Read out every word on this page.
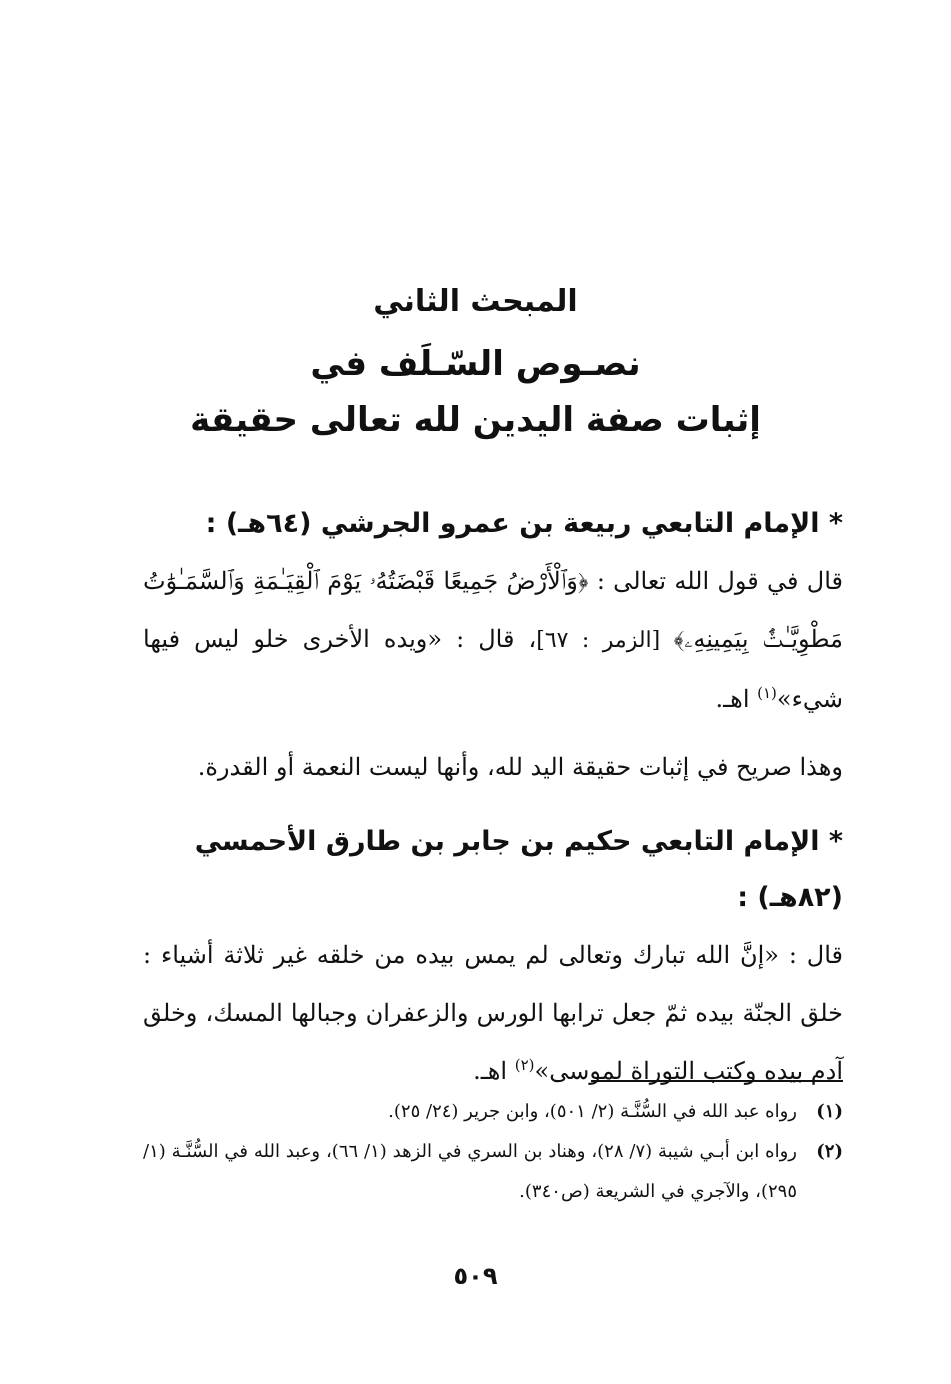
المبحث الثاني

نصـوص السّـلَف في

إثبات صفة اليدين لله تعالى حقيقة

* الإمام التابعي ربيعة بن عمرو الجرشي (٦٤هـ) :

قال في قول الله تعالى : ﴿وَٱلْأَرْضُ جَمِيعًا قَبْضَتُهُۥ يَوْمَ ٱلْقِيَـٰمَةِ وَٱلسَّمَـٰوَٰتُ مَطْوِيَّـٰتٌۢ بِيَمِينِهِۦ﴾ [الزمر : ٦٧]، قال : «ويده الأخرى خلو ليس فيها شيء»$^{(١)}$ اهـ.

وهذا صريح في إثبات حقيقة اليد لله، وأنها ليست النعمة أو القدرة.

* الإمام التابعي حكيم بن جابر بن طارق الأحمسي (٨٢هـ) :

قال : «إنَّ الله تبارك وتعالى لم يمس بيده من خلقه غير ثلاثة أشياء : خلق الجنّة بيده ثمّ جعل ترابها الورس والزعفران وجبالها المسك، وخلق آدم بيده وكتب التوراة لموسى»$^{(٢)}$ اهـ.

(١)
رواه عبد الله في السُّنَّـة (٢/ ٥٠١)، وابن جرير (٢٤/ ٢٥).
(٢)
رواه ابن أبـي شيبة (٧/ ٢٨)، وهناد بن السري في الزهد (١/ ٦٦)، وعبد الله في السُّنَّـة (١/ ٢٩٥)، والآجري في الشريعة (ص٣٤٠).
٥٠٩
